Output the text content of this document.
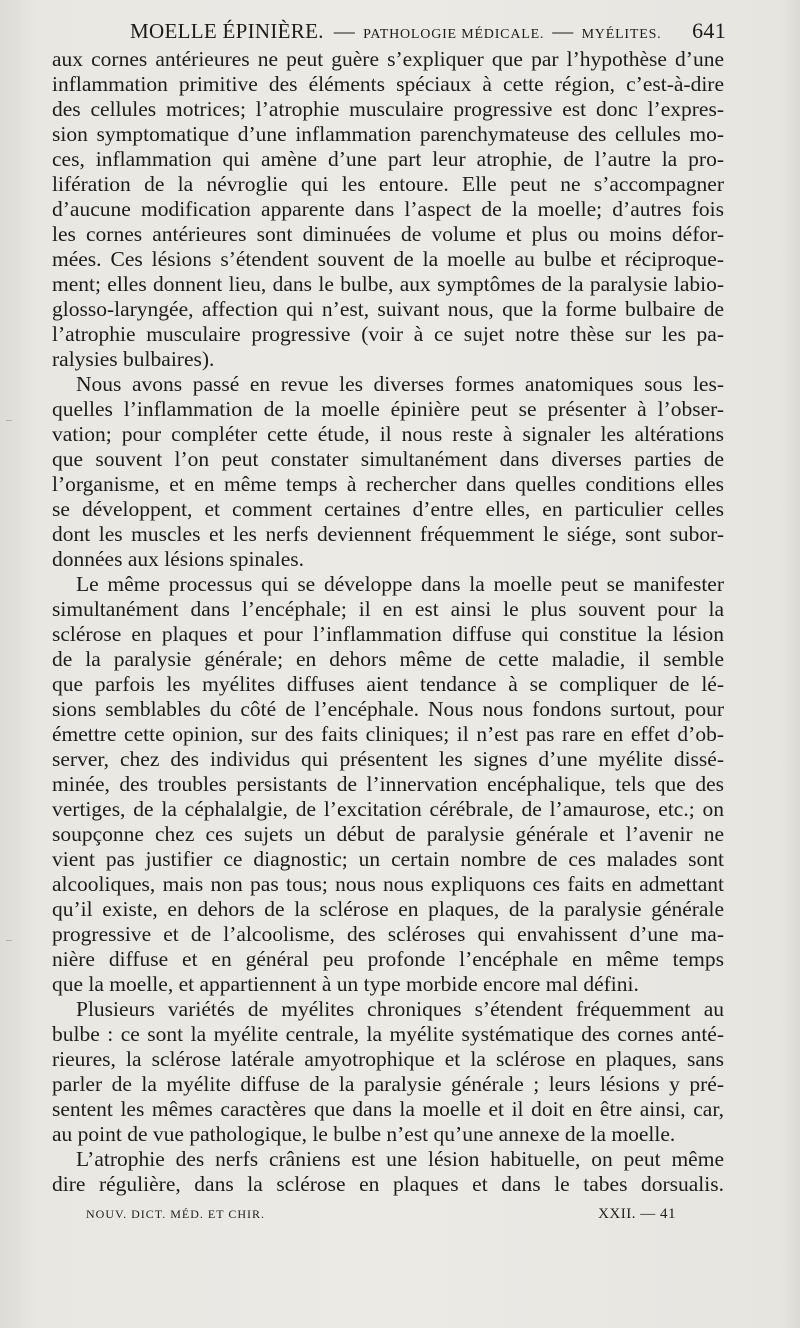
MOELLE ÉPINIÈRE. — PATHOLOGIE MÉDICALE. — MYÉLITES. 641
aux cornes antérieures ne peut guère s’expliquer que par l’hypothèse d’une
inflammation primitive des éléments spéciaux à cette région, c’est-à-dire
des cellules motrices; l’atrophie musculaire progressive est donc l’expres-
sion symptomatique d’une inflammation parenchymateuse des cellules mo-
ces, inflammation qui amène d’une part leur atrophie, de l’autre la pro-
lifération de la névroglie qui les entoure. Elle peut ne s’accompagner
d’aucune modification apparente dans l’aspect de la moelle; d’autres fois
les cornes antérieures sont diminuées de volume et plus ou moins défor-
mées. Ces lésions s’étendent souvent de la moelle au bulbe et réciproque-
ment; elles donnent lieu, dans le bulbe, aux symptômes de la paralysie labio-
glosso-laryngée, affection qui n’est, suivant nous, que la forme bulbaire de
l’atrophie musculaire progressive (voir à ce sujet notre thèse sur les pa-
ralysies bulbaires).
Nous avons passé en revue les diverses formes anatomiques sous les-
quelles l’inflammation de la moelle épinière peut se présenter à l’obser-
vation; pour compléter cette étude, il nous reste à signaler les altérations
que souvent l’on peut constater simultanément dans diverses parties de
l’organisme, et en même temps à rechercher dans quelles conditions elles
se développent, et comment certaines d’entre elles, en particulier celles
dont les muscles et les nerfs deviennent fréquemment le siége, sont subor-
données aux lésions spinales.
Le même processus qui se développe dans la moelle peut se manifester
simultanément dans l’encéphale; il en est ainsi le plus souvent pour la
sclérose en plaques et pour l’inflammation diffuse qui constitue la lésion
de la paralysie générale; en dehors même de cette maladie, il semble
que parfois les myélites diffuses aient tendance à se compliquer de lé-
sions semblables du côté de l’encéphale. Nous nous fondons surtout, pour
émettre cette opinion, sur des faits cliniques; il n’est pas rare en effet d’ob-
server, chez des individus qui présentent les signes d’une myélite dissé-
minée, des troubles persistants de l’innervation encéphalique, tels que des
vertiges, de la céphalalgie, de l’excitation cérébrale, de l’amaurose, etc.; on
soupçonne chez ces sujets un début de paralysie générale et l’avenir ne
vient pas justifier ce diagnostic; un certain nombre de ces malades sont
alcooliques, mais non pas tous; nous nous expliquons ces faits en admettant
qu’il existe, en dehors de la sclérose en plaques, de la paralysie générale
progressive et de l’alcoolisme, des scléroses qui envahissent d’une ma-
nière diffuse et en général peu profonde l’encéphale en même temps
que la moelle, et appartiennent à un type morbide encore mal défini.
Plusieurs variétés de myélites chroniques s’étendent fréquemment au
bulbe : ce sont la myélite centrale, la myélite systématique des cornes anté-
rieures, la sclérose latérale amyotrophique et la sclérose en plaques, sans
parler de la myélite diffuse de la paralysie générale ; leurs lésions y pré-
sentent les mêmes caractères que dans la moelle et il doit en être ainsi, car,
au point de vue pathologique, le bulbe n’est qu’une annexe de la moelle.
L’atrophie des nerfs crâniens est une lésion habituelle, on peut même
dire régulière, dans la sclérose en plaques et dans le tabes dorsualis.
NOUV. DICT. MÉD. ET CHIR.	XXII. — 41
